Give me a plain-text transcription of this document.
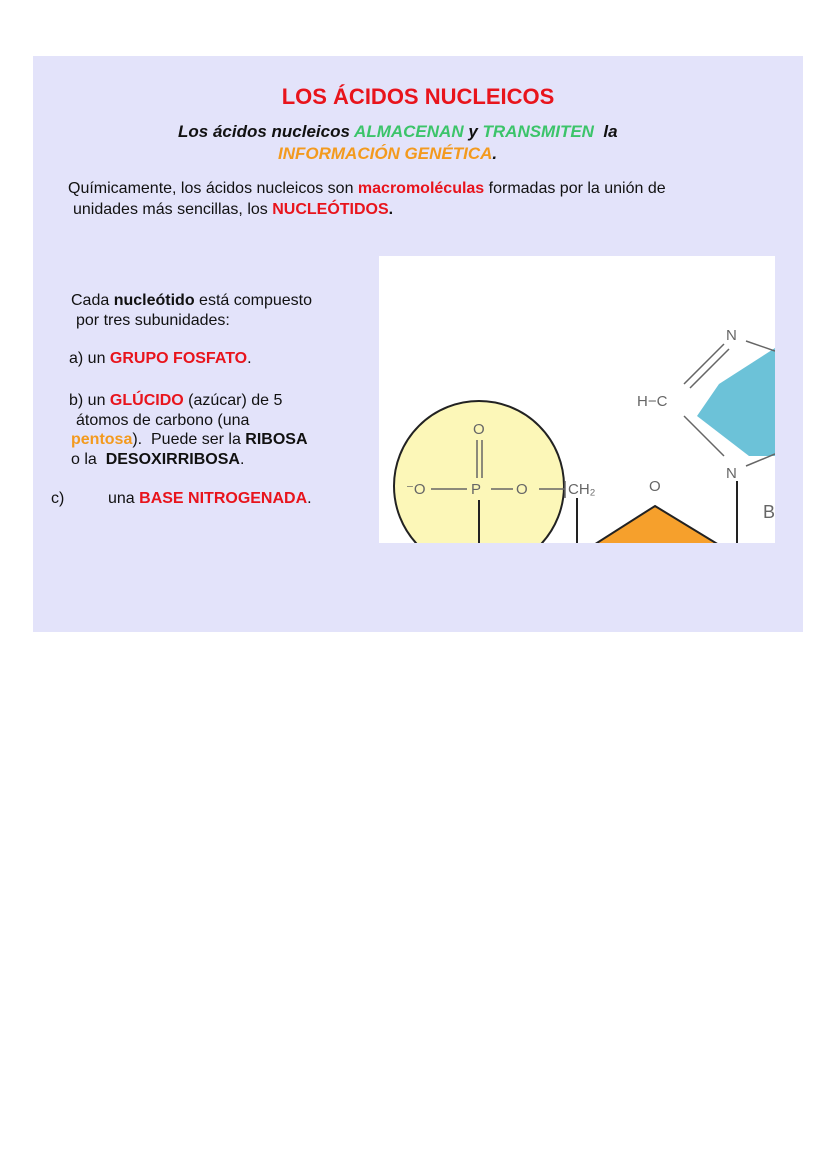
LOS ÁCIDOS NUCLEICOS
Los ácidos nucleicos ALMACENAN y TRANSMITEN  la
INFORMACIÓN GENÉTICA.
Químicamente, los ácidos nucleicos son macromoléculas formadas por la unión de
unidades más sencillas, los NUCLEÓTIDOS.
Cada nucleótido está compuesto
por tres subunidades:
a) un GRUPO FOSFATO.
b) un GLÚCIDO (azúcar) de 5
átomos de carbono (una
pentosa).  Puede ser la RIBOSA
o la  DESOXIRRIBOSA.
c)	una BASE NITROGENADA.
O
⁻O	P O	CH₂	O
N
H−C
N
B
